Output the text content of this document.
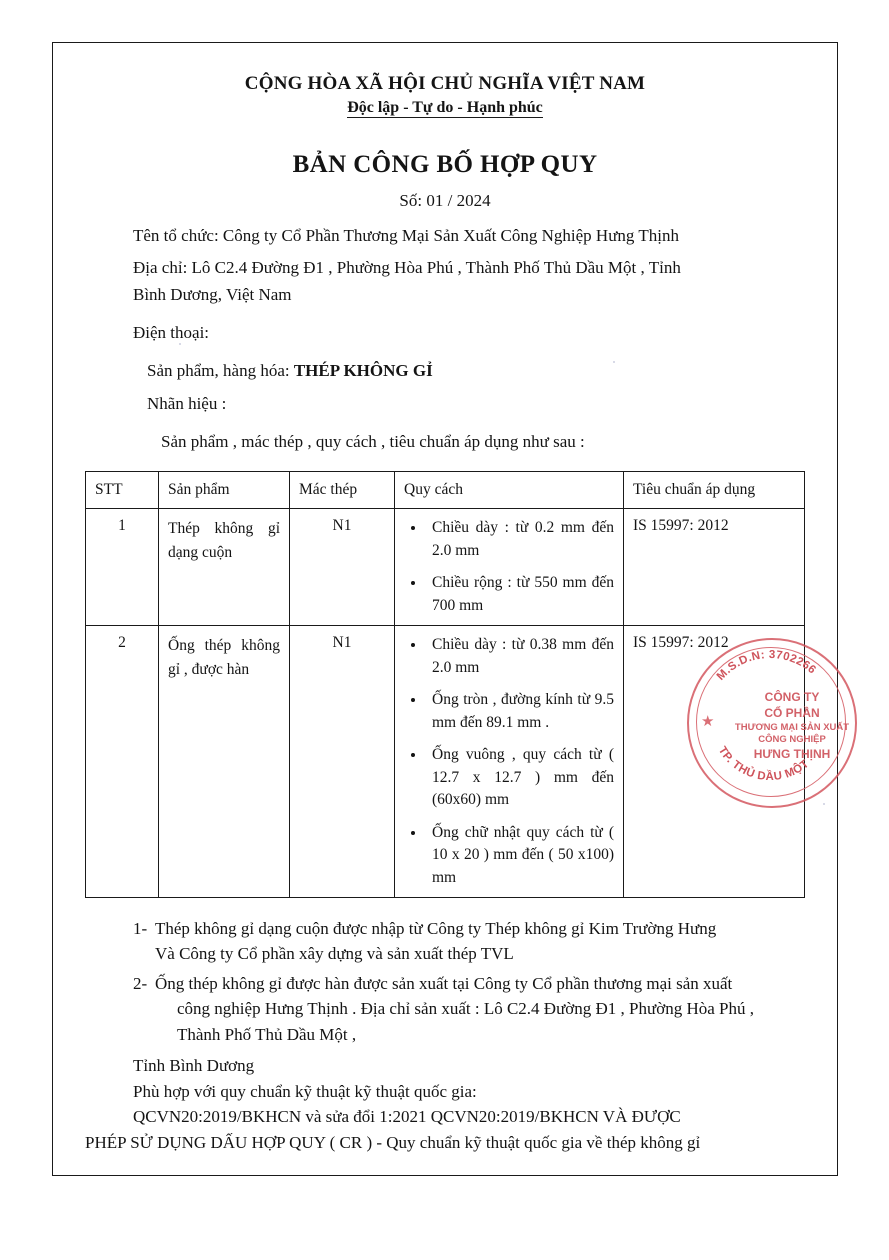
CỘNG HÒA XÃ HỘI CHỦ NGHĨA VIỆT NAM
Độc lập - Tự do - Hạnh phúc
BẢN CÔNG BỐ HỢP QUY
Số: 01 / 2024
Tên tổ chức: Công ty Cổ Phần Thương Mại Sản Xuất Công Nghiệp Hưng Thịnh
Địa chỉ: Lô C2.4 Đường Đ1 , Phường Hòa Phú , Thành Phố Thủ Dầu Một , Tỉnh
Bình Dương, Việt Nam
Điện thoại:
Sản phẩm, hàng hóa: THÉP KHÔNG GỈ
Nhãn hiệu :
Sản phẩm , mác thép , quy cách , tiêu chuẩn áp dụng như sau :
STT	Sản phẩm	Mác thép	Quy cách	Tiêu chuẩn áp dụng
1	Thép không gỉ dạng cuộn	N1	
•Chiều dày : từ 0.2 mm đến 2.0 mm
• Chiều rộng : từ 550 mm đến 700 mm
	IS 15997: 2012
2	Ống thép không gỉ , được hàn	N1	
•Chiều dày : từ 0.38 mm đến 2.0 mm
• Ống tròn , đường kính từ 9.5 mm đến 89.1 mm .
• Ống vuông , quy cách từ ( 12.7 x 12.7 ) mm đến (60x60) mm
• Ống chữ nhật quy cách từ ( 10 x 20 ) mm đến ( 50 x100) mm
	IS 15997: 2012
1- Thép không gỉ dạng cuộn được nhập từ Công ty Thép không gỉ Kim Trường Hưng
Và Công ty Cổ phần xây dựng và sản xuất thép TVL
2- Ống thép không gỉ được hàn được sản xuất tại Công ty Cổ phần thương mại sản xuất
công nghiệp Hưng Thịnh . Địa chỉ sản xuất : Lô C2.4 Đường Đ1 , Phường Hòa Phú ,
Thành Phố Thủ Dầu Một ,
Tỉnh Bình Dương
Phù hợp với quy chuẩn kỹ thuật kỹ thuật quốc gia:
QCVN20:2019/BKHCN và sửa đổi 1:2021 QCVN20:2019/BKHCN VÀ ĐƯỢC
PHÉP SỬ DỤNG DẤU HỢP QUY ( CR ) - Quy chuẩn kỹ thuật quốc gia về thép không gỉ
★
M.S.D.N: 3702266
TP. THỦ DẦU MỘT
CÔNG TY
CỔ PHẦN
THƯƠNG MẠI SẢN XUẤT
CÔNG NGHIỆP
HƯNG THỊNH
